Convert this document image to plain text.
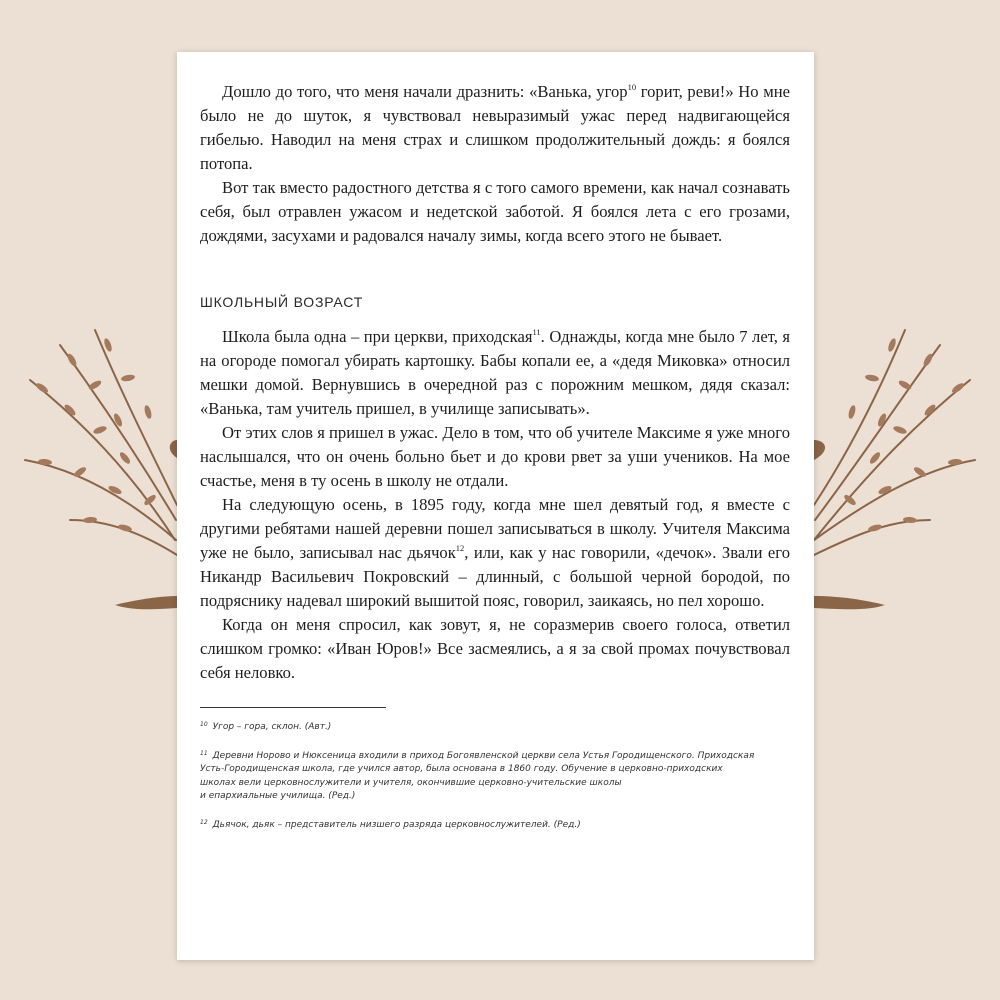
Дошло до того, что меня начали дразнить: «Ванька, угор$^{10}$ горит, реви!» Но мне было не до шуток, я чувствовал невыразимый ужас перед надвигающейся гибелью. Наводил на меня страх и слишком продолжительный дождь: я боялся потопа.

Вот так вместо радостного детства я с того самого времени, как начал сознавать себя, был отравлен ужасом и недетской заботой. Я боялся лета с его грозами, дождями, засухами и радовался началу зимы, когда всего этого не бывает.

ШКОЛЬНЫЙ ВОЗРАСТ

Школа была одна – при церкви, приходская$^{11}$. Однажды, когда мне было 7 лет, я на огороде помогал убирать картошку. Бабы копали ее, а «дедя Миковка» относил мешки домой. Вернувшись в очередной раз с порожним мешком, дядя сказал: «Ванька, там учитель пришел, в училище записывать».

От этих слов я пришел в ужас. Дело в том, что об учителе Максиме я уже много наслышался, что он очень больно бьет и до крови рвет за уши учеников. На мое счастье, меня в ту осень в школу не отдали.

На следующую осень, в 1895 году, когда мне шел девятый год, я вместе с другими ребятами нашей деревни пошел записываться в школу. Учителя Максима уже не было, записывал нас дьячок$^{12}$, или, как у нас говорили, «дечок». Звали его Никандр Васильевич Покровский – длинный, с большой черной бородой, по подряснику надевал широкий вышитой пояс, говорил, заикаясь, но пел хорошо.

Когда он меня спросил, как зовут, я, не соразмерив своего голоса, ответил слишком громко: «Иван Юров!» Все засмеялись, а я за свой промах почувствовал себя неловко.

$^{10}$ Угор – гора, склон. (Авт.)
$^{11}$ Деревни Норово и Нюксеница входили в приход Богоявленской церкви села Устья Городищенского. Приходская
Усть-Городищенская школа, где учился автор, была основана в 1860 году. Обучение в церковно-приходских
школах вели церковнослужители и учителя, окончившие церковно-учительские школы
и епархиальные училища. (Ред.)
$^{12}$ Дьячок, дьяк – представитель низшего разряда церковнослужителей. (Ред.)
